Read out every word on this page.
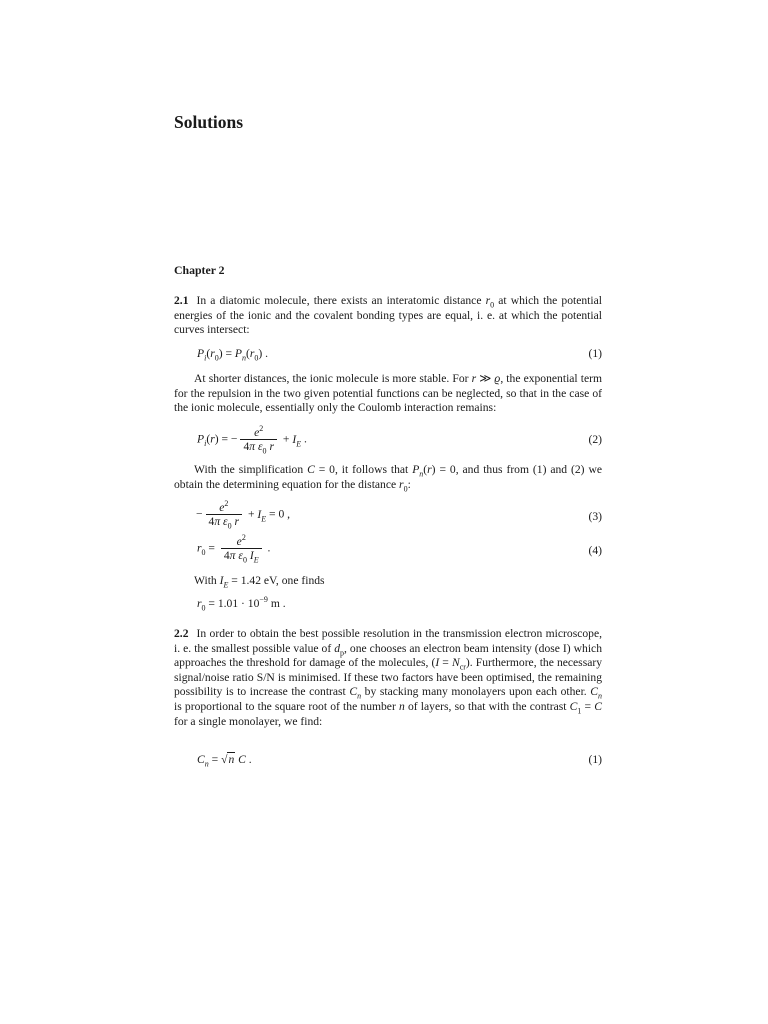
Solutions
Chapter 2
2.1 In a diatomic molecule, there exists an interatomic distance $r_0$ at which the potential energies of the ionic and the covalent bonding types are equal, i. e. at which the potential curves intersect:
$P_i(r_0) = P_n(r_0)$ .	(1)
At shorter distances, the ionic molecule is more stable. For r ≫ ϱ, the exponential term for the repulsion in the two given potential functions can be neglected, so that in the case of the ionic molecule, essentially only the Coulomb interaction remains:
$P_i(r)$ = − $\frac{e^2}{4\pi \varepsilon_0 r} + I_E$ .	(2)
With the simplification C = 0, it follows that $P_n(r) = 0$, and thus from (1) and (2) we obtain the determining equation for the distance $r_0$:
− $\frac{e^2}{4\pi \varepsilon_0 r} + I_E = 0$ ,	(3)
$r_0 = \frac{e^2}{4\pi \varepsilon_0 I_E}$ .	(4)
With $I_E = 1.42$ eV, one finds
$r_0 = 1.01 \cdot 10^{-9}$ m .
2.2 In order to obtain the best possible resolution in the transmission electron microscope, i. e. the smallest possible value of $d_p$, one chooses an electron beam intensity (dose I) which approaches the threshold for damage of the molecules, $(I = N_{cr})$. Furthermore, the necessary signal/noise ratio S/N is minimised. If these two factors have been optimised, the remaining possibility is to increase the contrast $C_n$ by stacking many monolayers upon each other. $C_n$ is proportional to the square root of the number n of layers, so that with the contrast $C_1 = C$ for a single monolayer, we find:
$C_n = √n$ C .	(1)
